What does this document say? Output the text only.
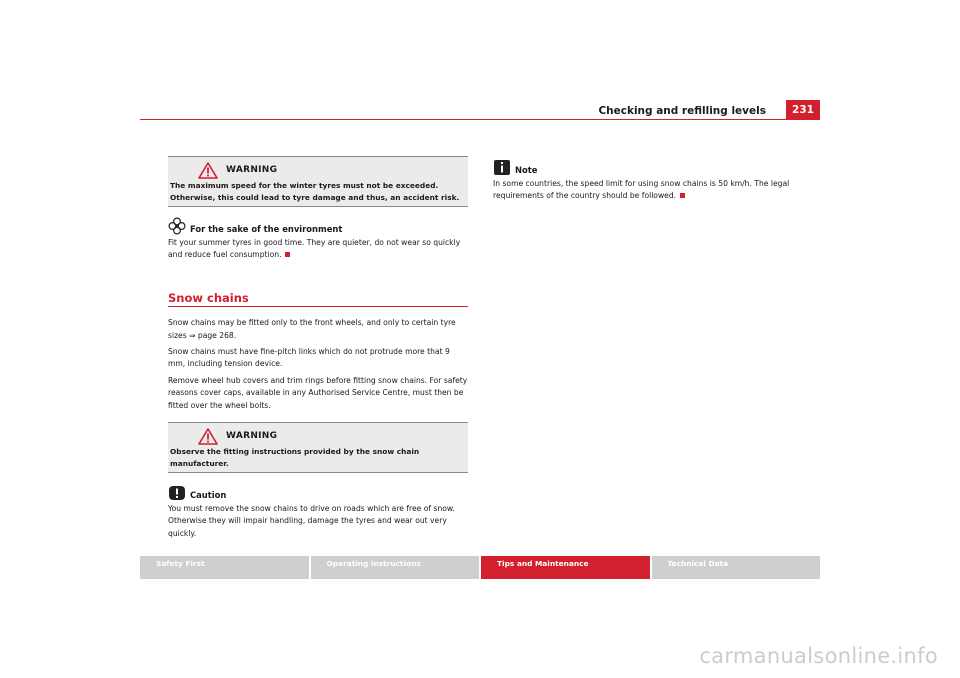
Checking and refilling levels	231
WARNING
The maximum speed for the winter tyres must not be exceeded. Otherwise, this could lead to tyre damage and thus, an accident risk.
For the sake of the environment

Fit your summer tyres in good time. They are quieter, do not wear so quickly and reduce fuel consumption.

Snow chains

Snow chains may be fitted only to the front wheels, and only to certain tyre sizes ⇒ page 268.

Snow chains must have fine-pitch links which do not protrude more that 9 mm, including tension device.

Remove wheel hub covers and trim rings before fitting snow chains. For safety reasons cover caps, available in any Authorised Service Centre, must then be fitted over the wheel bolts.

WARNING
Observe the fitting instructions provided by the snow chain manufacturer.
Caution

You must remove the snow chains to drive on roads which are free of snow. Otherwise they will impair handling, damage the tyres and wear out very quickly.

Note

In some countries, the speed limit for using snow chains is 50 km/h. The legal requirements of the country should be followed.

Safety First	Operating instructions	Tips and Maintenance	Technical Data
carmanualsonline.info
